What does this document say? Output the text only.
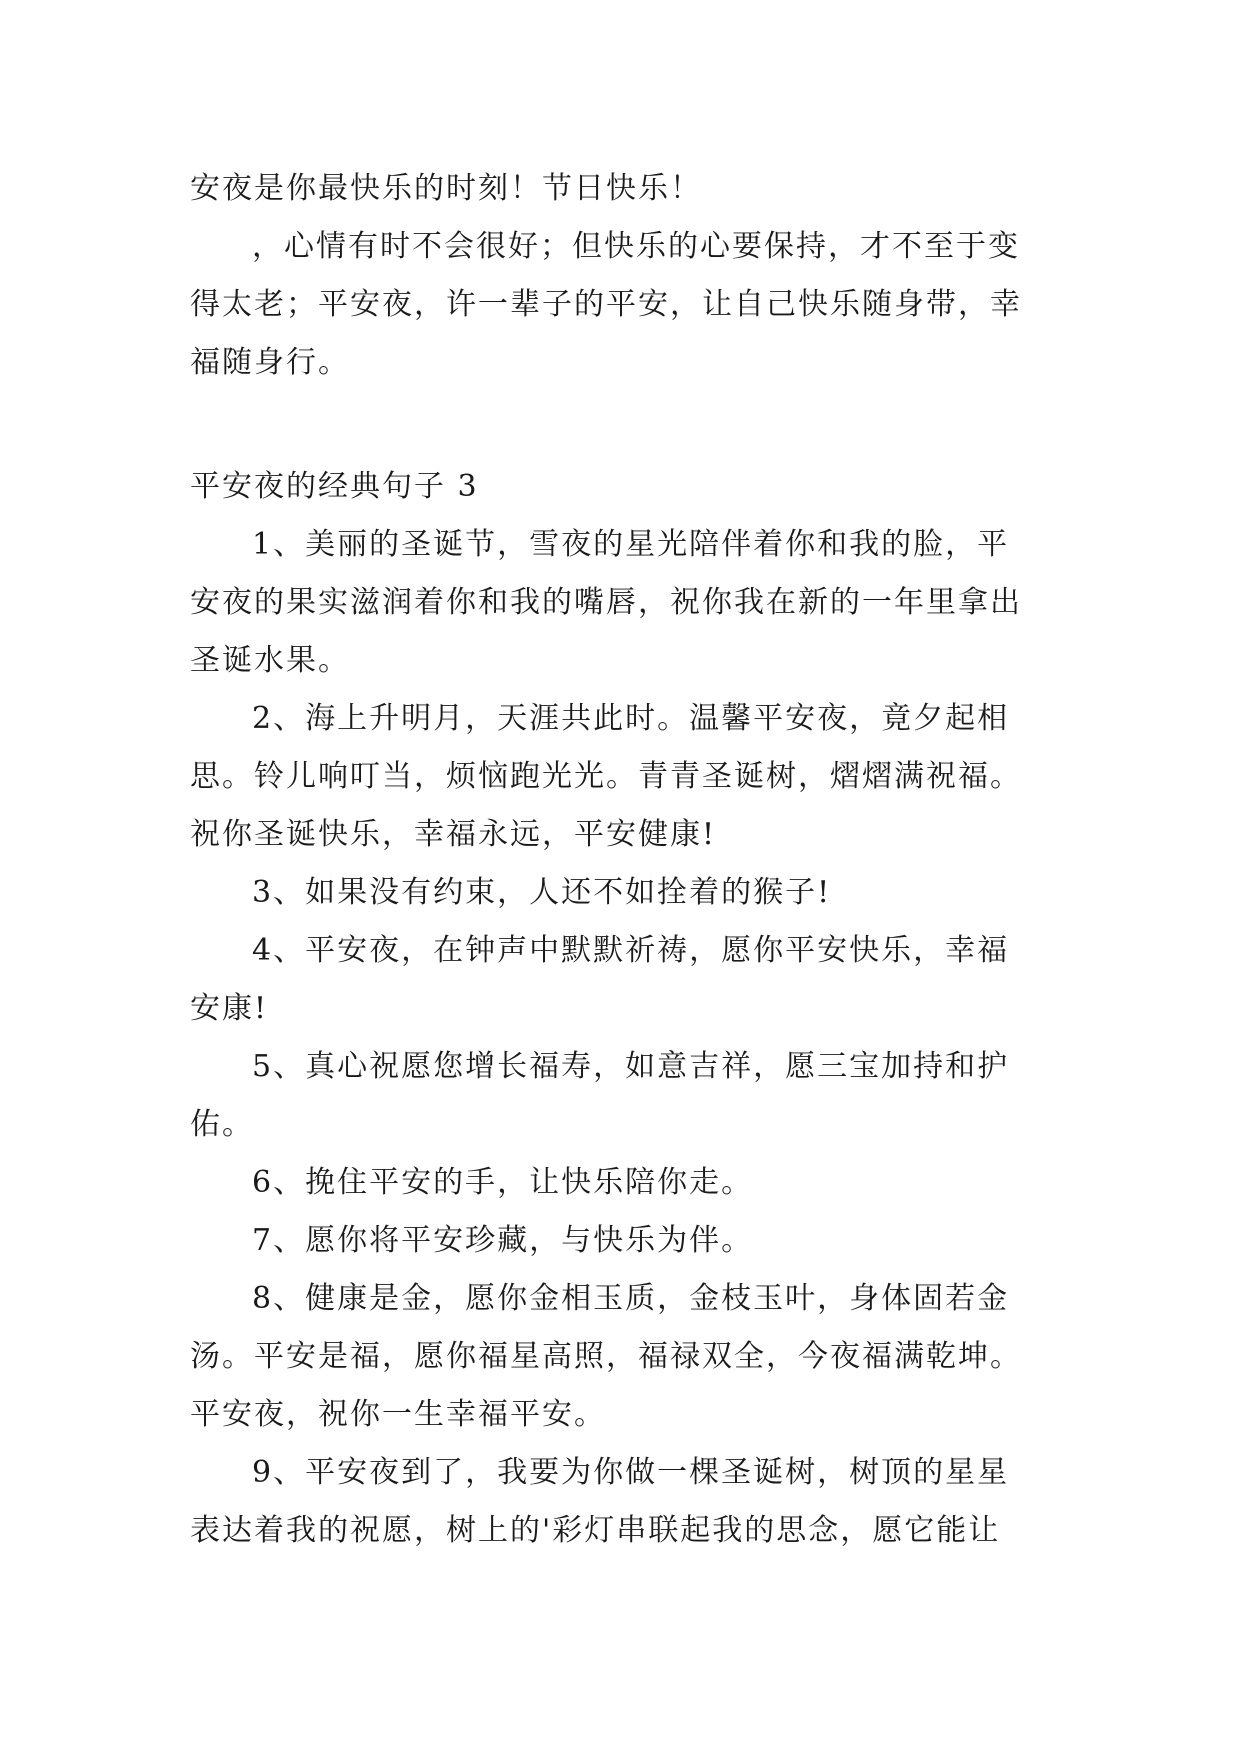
安夜是你最快乐的时刻！节日快乐！
，心情有时不会很好；但快乐的心要保持，才不至于变
得太老；平安夜，许一辈子的平安，让自己快乐随身带，幸
福随身行。
平安夜的经典句子 3
1、美丽的圣诞节，雪夜的星光陪伴着你和我的脸，平
安夜的果实滋润着你和我的嘴唇，祝你我在新的一年里拿出
圣诞水果。
2、海上升明月，天涯共此时。温馨平安夜，竟夕起相
思。铃儿响叮当，烦恼跑光光。青青圣诞树，熠熠满祝福。
祝你圣诞快乐，幸福永远，平安健康!
3、如果没有约束，人还不如拴着的猴子!
4、平安夜，在钟声中默默祈祷，愿你平安快乐，幸福
安康!
5、真心祝愿您增长福寿，如意吉祥，愿三宝加持和护
佑。
6、挽住平安的手，让快乐陪你走。
7、愿你将平安珍藏，与快乐为伴。
8、健康是金，愿你金相玉质，金枝玉叶，身体固若金
汤。平安是福，愿你福星高照，福禄双全，今夜福满乾坤。
平安夜，祝你一生幸福平安。
9、平安夜到了，我要为你做一棵圣诞树，树顶的星星
表达着我的祝愿，树上的'彩灯串联起我的思念，愿它能让
